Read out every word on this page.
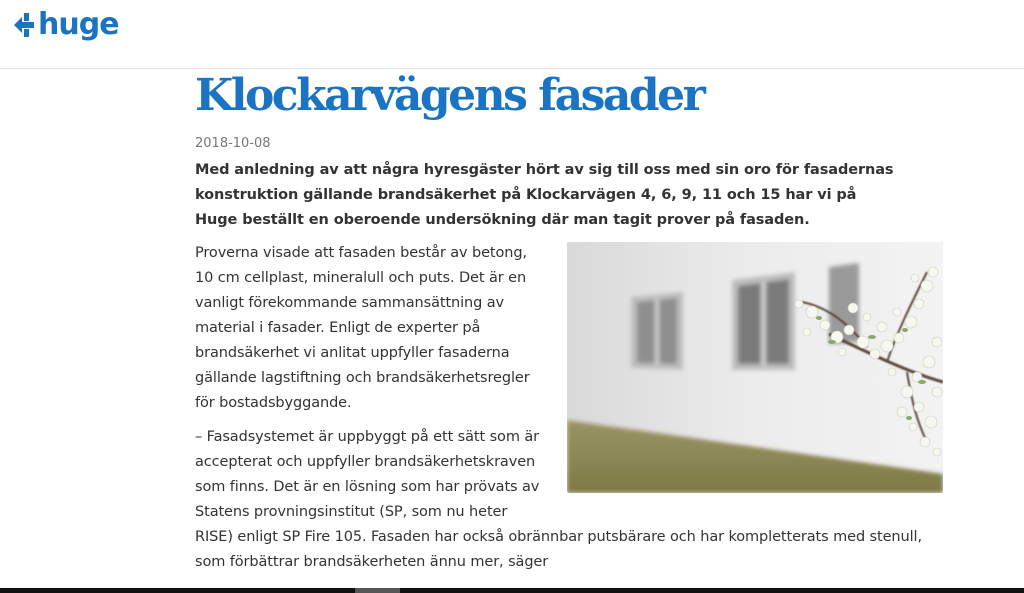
huge
Klockarvägens fasader
2018-10-08

Med anledning av att några hyresgäster hört av sig till oss med sin oro för fasadernas konstruktion gällande brandsäkerhet på Klockarvägen 4, 6, 9, 11 och 15 har vi på Huge beställt en oberoende undersökning där man tagit prover på fasaden.

Proverna visade att fasaden består av betong, 10 cm cellplast, mineralull och puts. Det är en vanligt förekommande sammansättning av material i fasader. Enligt de experter på brandsäkerhet vi anlitat uppfyller fasaderna gällande lagstiftning och brandsäkerhetsregler för bostadsbyggande.

– Fasadsystemet är uppbyggt på ett sätt som är accepterat och uppfyller brandsäkerhetskraven som finns. Det är en lösning som har prövats av Statens provningsinstitut (SP, som nu heter RISE) enligt SP Fire 105. Fasaden har också obrännbar putsbärare och har kompletterats med stenull, som förbättrar brandsäkerheten ännu mer, säger
